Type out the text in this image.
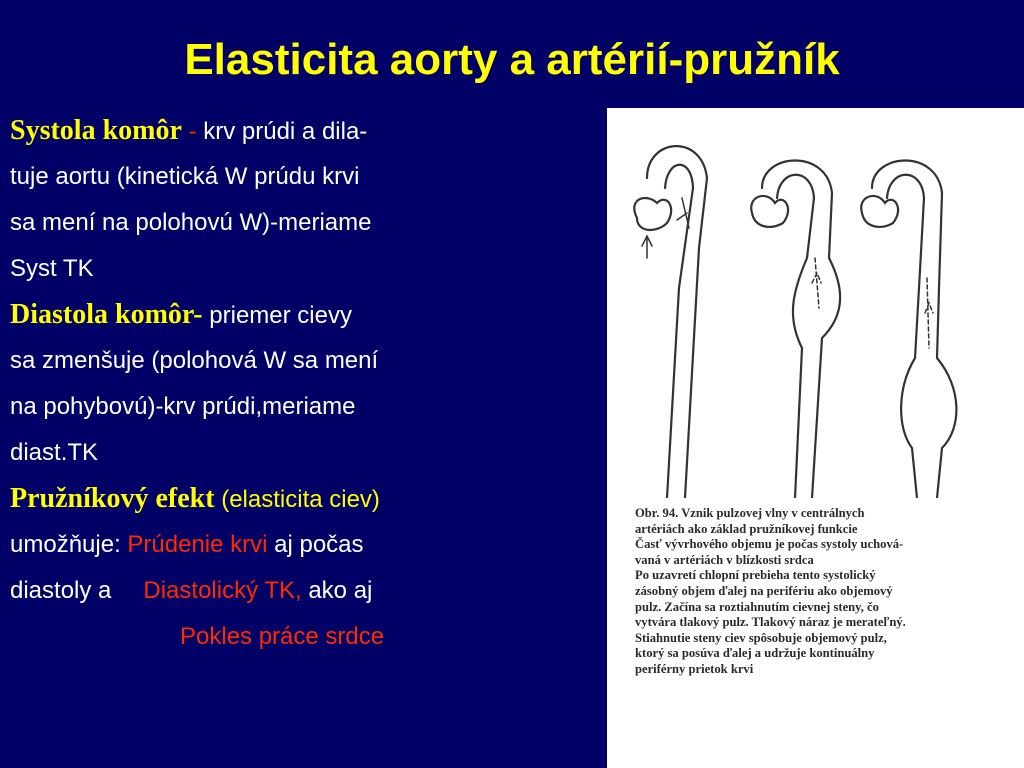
Elasticita aorty a artérií-pružník
Systola komôr - krv prúdi a dila-
tuje aortu (kinetická W prúdu krvi
sa mení na polohovú W)-meriame
Syst TK
Diastola komôr- priemer cievy
sa zmenšuje (polohová W sa mení
na pohybovú)-krv prúdi,meriame
diast.TK
Pružníkový efekt (elasticita ciev)
umožňuje: Prúdenie krvi aj počas
diastoly a Diastolický TK, ako aj
Pokles práce srdce
Obr. 94. Vznik pulzovej vlny v centrálnych
artériách ako základ pružníkovej funkcie
Časť vývrhového objemu je počas systoly uchová-
vaná v artériách v blízkosti srdca
Po uzavretí chlopní prebieha tento systolický
zásobný objem ďalej na perifériu ako objemový
pulz. Začína sa roztiahnutím cievnej steny, čo
vytvára tlakový pulz. Tlakový náraz je merateľný.
Stiahnutie steny ciev spôsobuje objemový pulz,
ktorý sa posúva ďalej a udržuje kontinuálny
periférny prietok krvi
